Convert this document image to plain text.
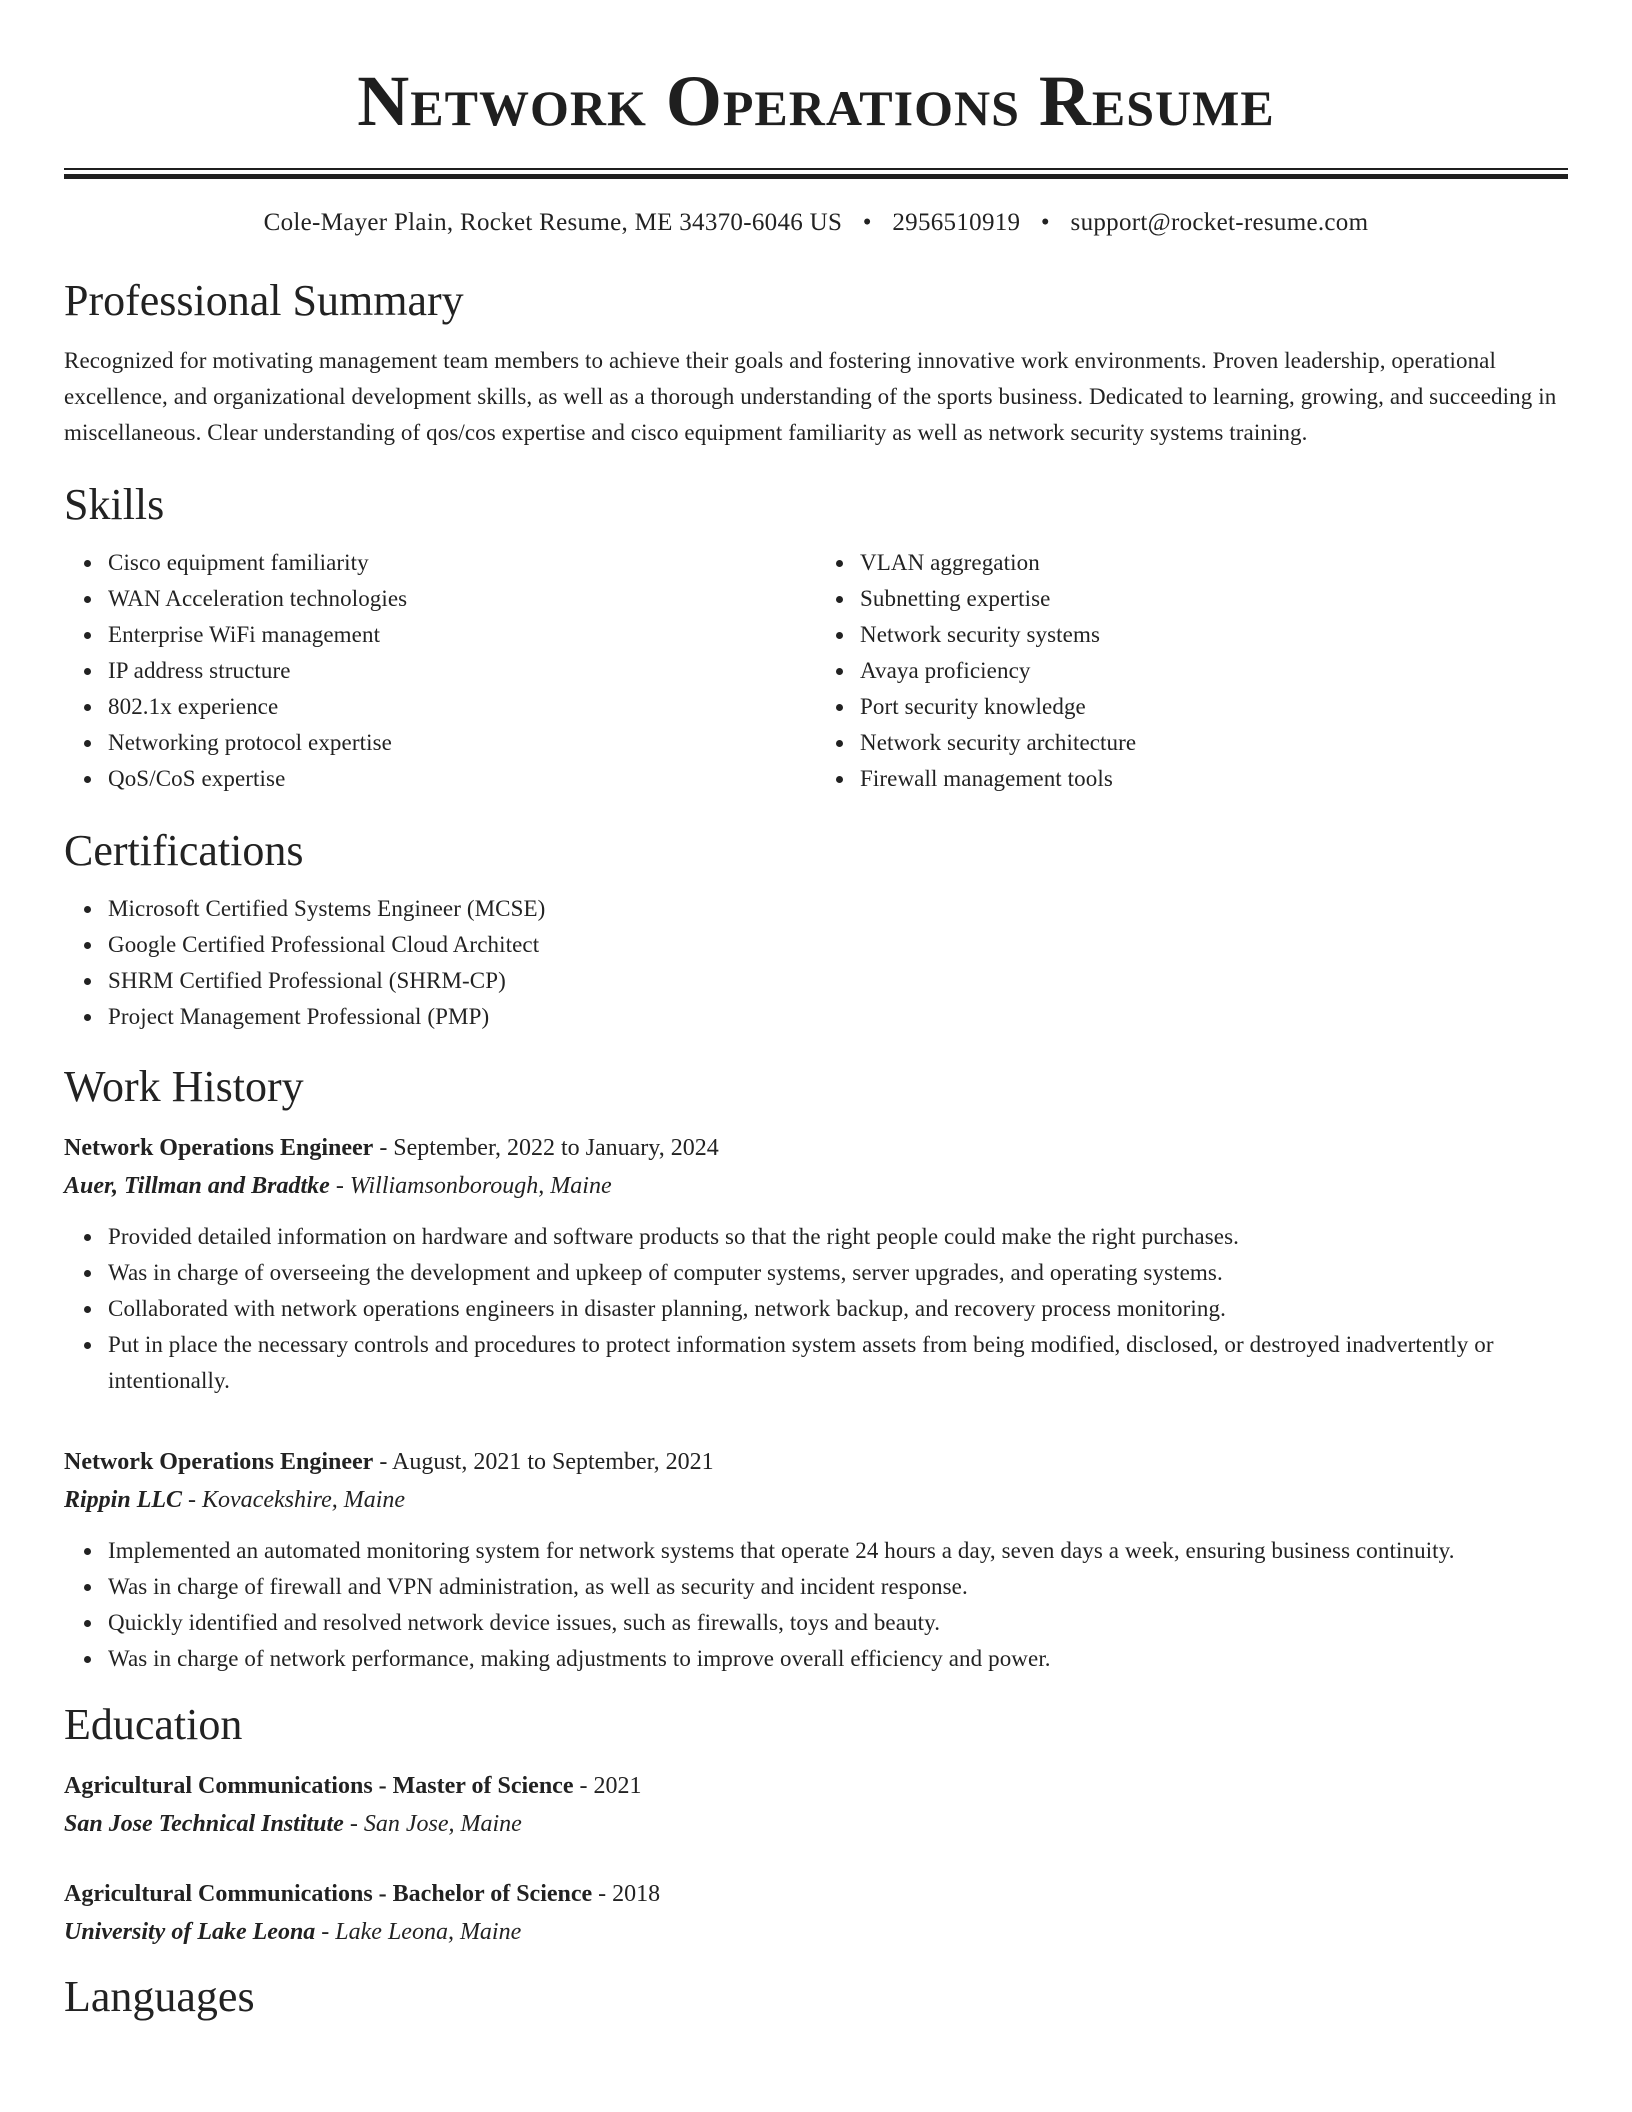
Network Operations Resume
Cole-Mayer Plain, Rocket Resume, ME 34370-6046 US • 2956510919 • support@rocket-resume.com
Professional Summary

Recognized for motivating management team members to achieve their goals and fostering innovative work environments. Proven leadership, operational excellence, and organizational development skills, as well as a thorough understanding of the sports business. Dedicated to learning, growing, and succeeding in miscellaneous. Clear understanding of qos/cos expertise and cisco equipment familiarity as well as network security systems training.

Skills
Cisco equipment familiarity
WAN Acceleration technologies
Enterprise WiFi management
IP address structure
802.1x experience
Networking protocol expertise
QoS/CoS expertise
VLAN aggregation
Subnetting expertise
Network security systems
Avaya proficiency
Port security knowledge
Network security architecture
Firewall management tools
Certifications
Microsoft Certified Systems Engineer (MCSE)
Google Certified Professional Cloud Architect
SHRM Certified Professional (SHRM-CP)
Project Management Professional (PMP)
Work History
Network Operations Engineer - September, 2022 to January, 2024
Auer, Tillman and Bradtke - Williamsonborough, Maine
Provided detailed information on hardware and software products so that the right people could make the right purchases.
Was in charge of overseeing the development and upkeep of computer systems, server upgrades, and operating systems.
Collaborated with network operations engineers in disaster planning, network backup, and recovery process monitoring.
Put in place the necessary controls and procedures to protect information system assets from being modified, disclosed, or destroyed inadvertently or intentionally.
Network Operations Engineer - August, 2021 to September, 2021
Rippin LLC - Kovacekshire, Maine
Implemented an automated monitoring system for network systems that operate 24 hours a day, seven days a week, ensuring business continuity.
Was in charge of firewall and VPN administration, as well as security and incident response.
Quickly identified and resolved network device issues, such as firewalls, toys and beauty.
Was in charge of network performance, making adjustments to improve overall efficiency and power.
Education
Agricultural Communications - Master of Science - 2021
San Jose Technical Institute - San Jose, Maine
Agricultural Communications - Bachelor of Science - 2018
University of Lake Leona - Lake Leona, Maine
Languages
